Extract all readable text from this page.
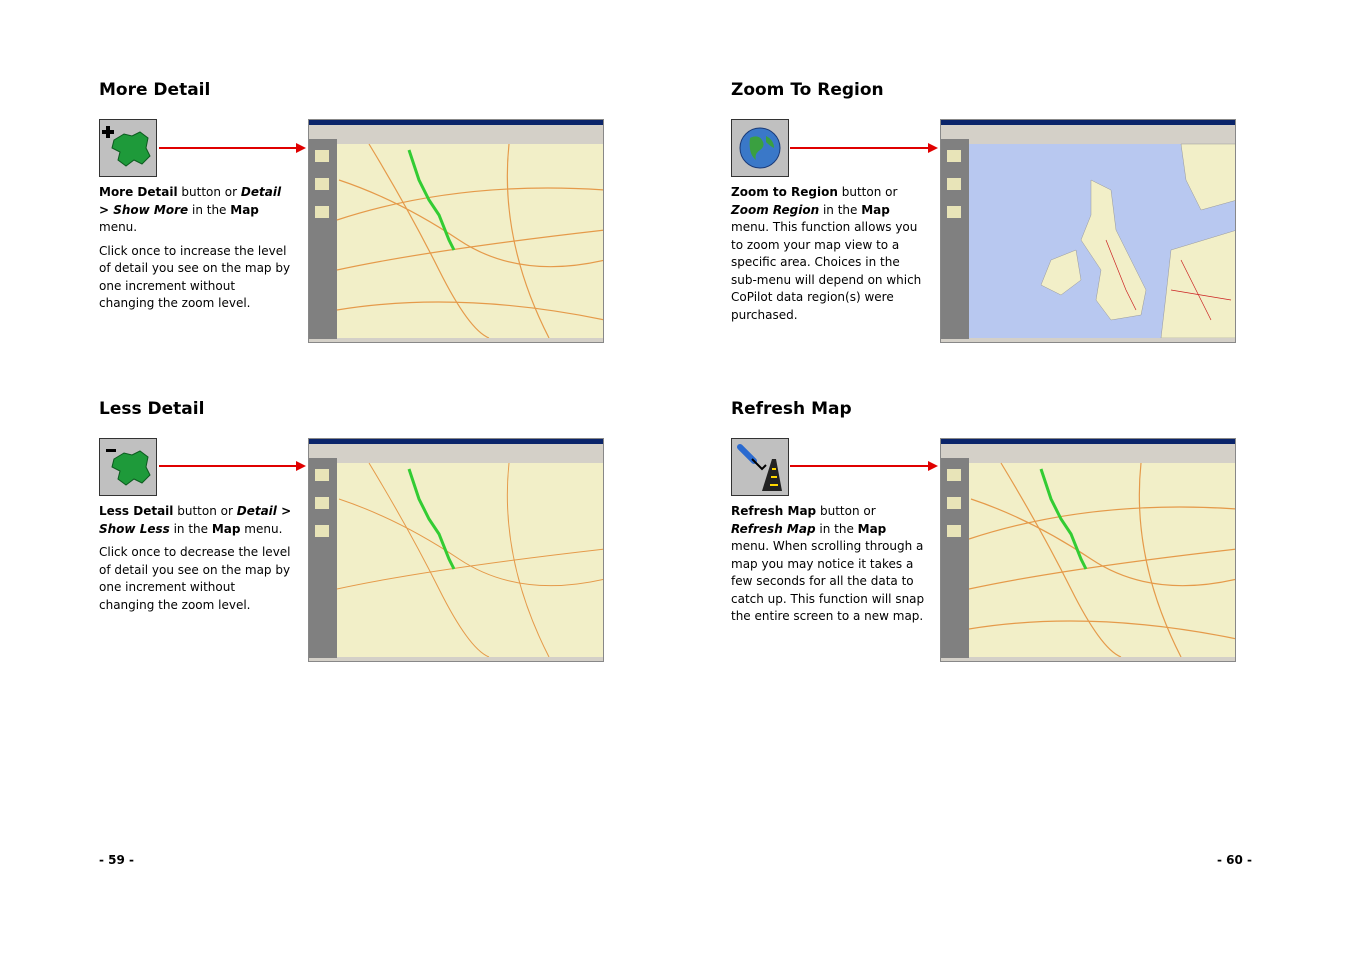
More Detail

More Detail button or Detail > Show More in the Map menu.

Click once to increase the level of detail you see on the map by one increment without changing the zoom level.

Less Detail

Less Detail button or Detail > Show Less in the Map menu.

Click once to decrease the level of detail you see on the map by one increment without changing the zoom level.

Zoom To Region

Zoom to Region button or Zoom Region in the Map menu. This function allows you to zoom your map view to a specific area. Choices in the sub-menu will depend on which CoPilot data region(s) were purchased.

Refresh Map

Refresh Map button or Refresh Map in the Map menu. When scrolling through a map you may notice it takes a few seconds for all the data to catch up. This function will snap the entire screen to a new map.

- 59 -	- 60 -
